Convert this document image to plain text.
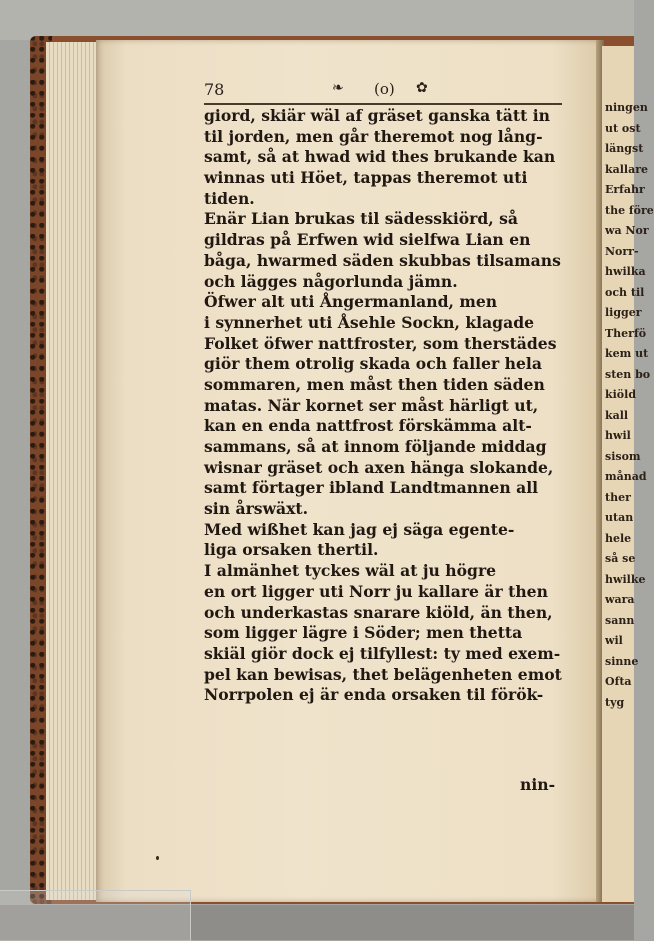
ningen
ut ost
längst
kallare
Erfahr
the före
wa Nor
Norr-
hwilka
och til
ligger
Therfö
kem ut
sten bo
kiöld
kall
hwil
sisom
månad
ther
utan
hele
så se
hwilke
wara
sann
wil
sinne
Ofta
tyg
78	❧ (o) ✿
giord, skiär wäl af gräset ganska tätt in
til jorden, men går theremot nog lång-
samt, så at hwad wid thes brukande kan
winnas uti Höet, tappas theremot uti
tiden.
Enär Lian brukas til sädesskiörd, så
gildras på Erfwen wid sielfwa Lian en
båga, hwarmed säden skubbas tilsamans
och lägges någorlunda jämn.
Öfwer alt uti Ångermanland, men
i synnerhet uti Åsehle Sockn, klagade
Folket öfwer nattfroster, som therstädes
giör them otrolig skada och faller hela
sommaren, men måst then tiden säden
matas. När kornet ser måst härligt ut,
kan en enda nattfrost förskämma alt-
sammans, så at innom följande middag
wisnar gräset och axen hänga slokande,
samt förtager ibland Landtmannen all
sin årswäxt.
Med wißhet kan jag ej säga egente-
liga orsaken thertil.
I almänhet tyckes wäl at ju högre
en ort ligger uti Norr ju kallare är then
och underkastas snarare kiöld, än then,
som ligger lägre i Söder; men thetta
skiäl giör dock ej tilfyllest: ty med exem-
pel kan bewisas, thet belägenheten emot
Norrpolen ej är enda orsaken til förök-
nin-
